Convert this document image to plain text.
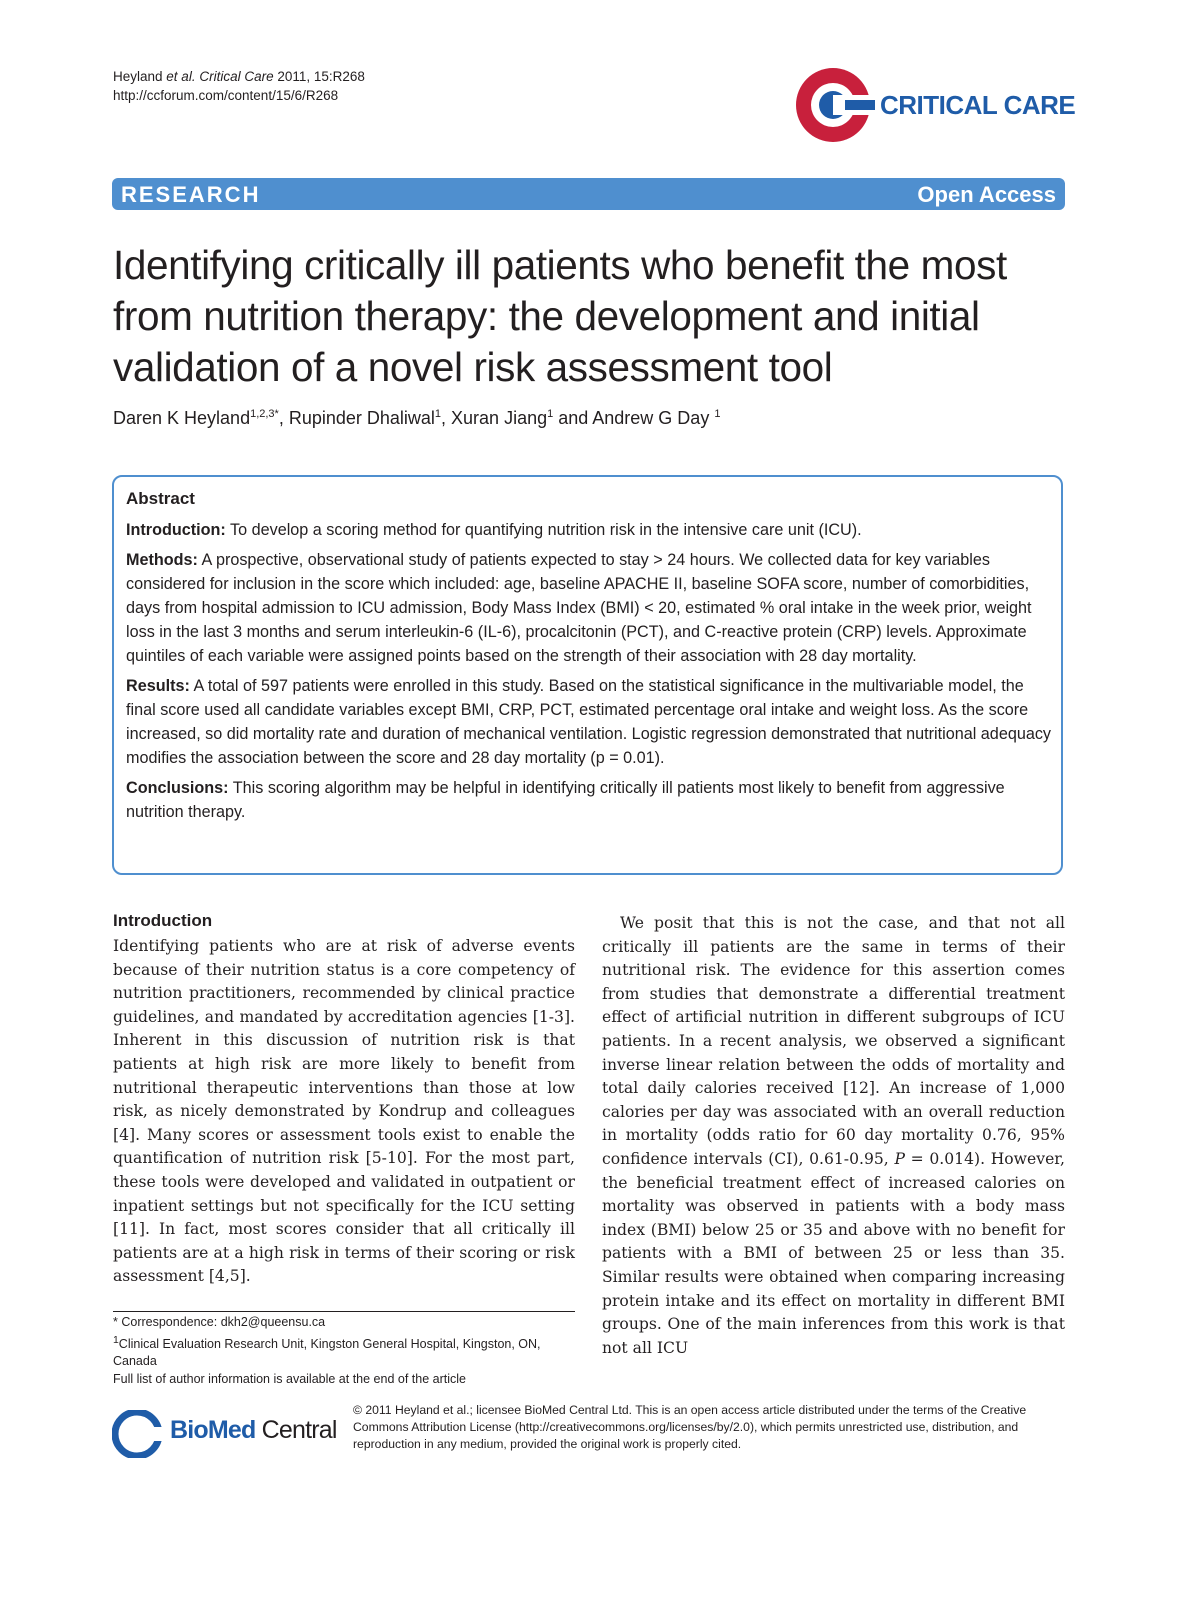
Heyland et al. Critical Care 2011, 15:R268
http://ccforum.com/content/15/6/R268	CRITICAL CARE
RESEARCH	Open Access
Identifying critically ill patients who benefit the most from nutrition therapy: the development and initial validation of a novel risk assessment tool
Daren K Heyland$^{1,2,3*}$, Rupinder Dhaliwal$^1$, Xuran Jiang$^1$ and Andrew G Day $^1$
Abstract

Introduction: To develop a scoring method for quantifying nutrition risk in the intensive care unit (ICU).

Methods: A prospective, observational study of patients expected to stay > 24 hours. We collected data for key variables considered for inclusion in the score which included: age, baseline APACHE II, baseline SOFA score, number of comorbidities, days from hospital admission to ICU admission, Body Mass Index (BMI) < 20, estimated % oral intake in the week prior, weight loss in the last 3 months and serum interleukin-6 (IL-6), procalcitonin (PCT), and C-reactive protein (CRP) levels. Approximate quintiles of each variable were assigned points based on the strength of their association with 28 day mortality.

Results: A total of 597 patients were enrolled in this study. Based on the statistical significance in the multivariable model, the final score used all candidate variables except BMI, CRP, PCT, estimated percentage oral intake and weight loss. As the score increased, so did mortality rate and duration of mechanical ventilation. Logistic regression demonstrated that nutritional adequacy modifies the association between the score and 28 day mortality (p = 0.01).

Conclusions: This scoring algorithm may be helpful in identifying critically ill patients most likely to benefit from aggressive nutrition therapy.

Introduction

Identifying patients who are at risk of adverse events because of their nutrition status is a core competency of nutrition practitioners, recommended by clinical practice guidelines, and mandated by accreditation agencies [1-3]. Inherent in this discussion of nutrition risk is that patients at high risk are more likely to benefit from nutritional therapeutic interventions than those at low risk, as nicely demonstrated by Kondrup and colleagues [4]. Many scores or assessment tools exist to enable the quantification of nutrition risk [5-10]. For the most part, these tools were developed and validated in outpatient or inpatient settings but not specifically for the ICU setting [11]. In fact, most scores consider that all critically ill patients are at a high risk in terms of their scoring or risk assessment [4,5].

We posit that this is not the case, and that not all critically ill patients are the same in terms of their nutritional risk. The evidence for this assertion comes from studies that demonstrate a differential treatment effect of artificial nutrition in different subgroups of ICU patients. In a recent analysis, we observed a significant inverse linear relation between the odds of mortality and total daily calories received [12]. An increase of 1,000 calories per day was associated with an overall reduction in mortality (odds ratio for 60 day mortality 0.76, 95% confidence intervals (CI), 0.61-0.95, P = 0.014). However, the beneficial treatment effect of increased calories on mortality was observed in patients with a body mass index (BMI) below 25 or 35 and above with no benefit for patients with a BMI of between 25 or less than 35. Similar results were obtained when comparing increasing protein intake and its effect on mortality in different BMI groups. One of the main inferences from this work is that not all ICU

* Correspondence: dkh2@queensu.ca
$^1$Clinical Evaluation Research Unit, Kingston General Hospital, Kingston, ON, Canada
Full list of author information is available at the end of the article
BioMed Central
© 2011 Heyland et al.; licensee BioMed Central Ltd. This is an open access article distributed under the terms of the Creative Commons Attribution License (http://creativecommons.org/licenses/by/2.0), which permits unrestricted use, distribution, and reproduction in any medium, provided the original work is properly cited.
